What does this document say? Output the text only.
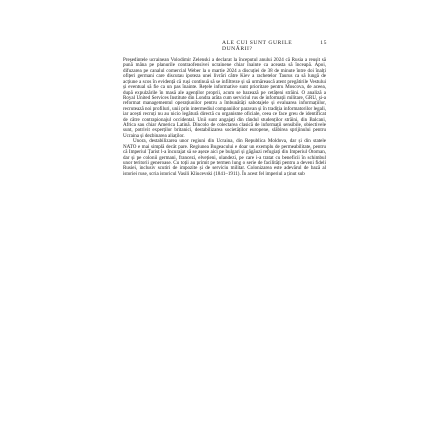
ALE CUI SUNT GURILE DUNĂRII?
15

Președintele ucrainean Volodimir Zelenski a declarat la începutul anului 2024 că Rusia a reușit să pună mâna pe planurile contraofensivei ucrainene chiar înainte ca aceasta să înceapă. Apoi, difuzarea pe canalul comercial Weber la o martie 2024 a discuției de 38 de minute între doi înalți ofițeri germani care discutau ipoteza unei livrări către Kiev a rachetelor Taurus ca să lungă de acțiune a scos în evidență că ruși continuă să se infiltreze și să urmărească atent pregătirile Vestului și eventual să fie ca un pas înainte. Rețele informative sunt prioritare pentru Moscova, de aceea, după expulzările în masă ale agenților proprii, acum se bazează pe cetățeni străini. O analiză a Royal United Services Institute din Londra arăta cum serviciul rus de informații militare, GRU, și-a reformat managementul operațiunilor pentru a îmbunătăți sabotajele și evaluarea informațiilor, recrutează noi profiluri, unii prin intermediul companiilor paravan și în tradiția informatorilor legali, iar acești recruți nu au nicio legătură directă cu organisme oficiale, ceea ce face greu de identificat de către contrapionajul occidental. Unii sunt angajați din rândul studenților străini, din Balcani, Africa sau chiar America Latină. Dincolo de colectarea clasică de informații sensibile, obiectivele sunt, potrivit experților britanici, destabilizarea societăților europene, slăbirea sprijinului pentru Ucraina și dezbinarea aliaților.

Unora, destabilizarea unor regiuni din Ucraina, din Republica Moldova, dar și din statele NATO e mai simplă decât pare. Regiunea Bugeacului e doar un exemplu de permeabilitate, pentru că Imperiul Țarist l-a încurajat să se așeze aici pe bulgari și găgăuzi refugiați din Imperiul Otoman, dar și pe colonii germani, francezi, elvețieni, olandezi, pe care i-a tratat cu beneficii în schimbul unor teritorii generoase. Cu toții au primit pe termen lung o serie de facilități pentru a deveni fideli Rusiei, inclusiv scutiri de impozite și de serviciu militar. Colonizarea este adevărul de bază al istoriei ruse, scria istoricul Vasili Kliucevski (1841–1911). În acest fel imperiul a ținut sub
